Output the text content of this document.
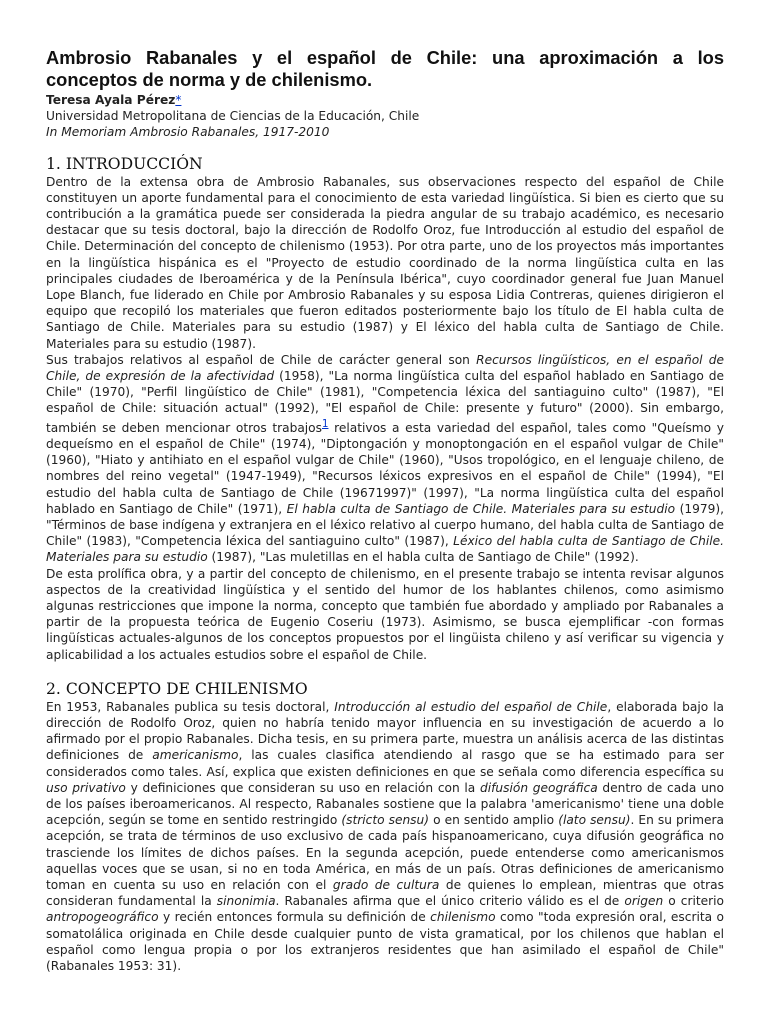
Ambrosio Rabanales y el español de Chile: una aproximación a los conceptos de norma y de chilenismo.
Teresa Ayala Pérez*
Universidad Metropolitana de Ciencias de la Educación, Chile
In Memoriam Ambrosio Rabanales, 1917-2010
1. INTRODUCCIÓN

Dentro de la extensa obra de Ambrosio Rabanales, sus observaciones respecto del español de Chile constituyen un aporte fundamental para el conocimiento de esta variedad lingüística. Si bien es cierto que su contribución a la gramática puede ser considerada la piedra angular de su trabajo académico, es necesario destacar que su tesis doctoral, bajo la dirección de Rodolfo Oroz, fue Introducción al estudio del español de Chile. Determinación del concepto de chilenismo (1953). Por otra parte, uno de los proyectos más importantes en la lingüística hispánica es el "Proyecto de estudio coordinado de la norma lingüística culta en las principales ciudades de Iberoamérica y de la Península Ibérica", cuyo coordinador general fue Juan Manuel Lope Blanch, fue liderado en Chile por Ambrosio Rabanales y su esposa Lidia Contreras, quienes dirigieron el equipo que recopiló los materiales que fueron editados posteriormente bajo los título de El habla culta de Santiago de Chile. Materiales para su estudio (1987) y El léxico del habla culta de Santiago de Chile. Materiales para su estudio (1987).

Sus trabajos relativos al español de Chile de carácter general son Recursos lingüísticos, en el español de Chile, de expresión de la afectividad (1958), "La norma lingüística culta del español hablado en Santiago de Chile" (1970), "Perfil lingüístico de Chile" (1981), "Competencia léxica del santiaguino culto" (1987), "El español de Chile: situación actual" (1992), "El español de Chile: presente y futuro" (2000). Sin embargo, también se deben mencionar otros trabajos$^1$ relativos a esta variedad del español, tales como "Queísmo y dequeísmo en el español de Chile" (1974), "Diptongación y monoptongación en el español vulgar de Chile" (1960), "Hiato y antihiato en el español vulgar de Chile" (1960), "Usos tropológico, en el lenguaje chileno, de nombres del reino vegetal" (1947-1949), "Recursos léxicos expresivos en el español de Chile" (1994), "El estudio del habla culta de Santiago de Chile (19671997)" (1997), "La norma lingüística culta del español hablado en Santiago de Chile" (1971), El habla culta de Santiago de Chile. Materiales para su estudio (1979), "Términos de base indígena y extranjera en el léxico relativo al cuerpo humano, del habla culta de Santiago de Chile" (1983), "Competencia léxica del santiaguino culto" (1987), Léxico del habla culta de Santiago de Chile. Materiales para su estudio (1987), "Las muletillas en el habla culta de Santiago de Chile" (1992).

De esta prolífica obra, y a partir del concepto de chilenismo, en el presente trabajo se intenta revisar algunos aspectos de la creatividad lingüística y el sentido del humor de los hablantes chilenos, como asimismo algunas restricciones que impone la norma, concepto que también fue abordado y ampliado por Rabanales a partir de la propuesta teórica de Eugenio Coseriu (1973). Asimismo, se busca ejemplificar -con formas lingüísticas actuales-algunos de los conceptos propuestos por el lingüista chileno y así verificar su vigencia y aplicabilidad a los actuales estudios sobre el español de Chile.

2. CONCEPTO DE CHILENISMO

En 1953, Rabanales publica su tesis doctoral, Introducción al estudio del español de Chile, elaborada bajo la dirección de Rodolfo Oroz, quien no habría tenido mayor influencia en su investigación de acuerdo a lo afirmado por el propio Rabanales. Dicha tesis, en su primera parte, muestra un análisis acerca de las distintas definiciones de americanismo, las cuales clasifica atendiendo al rasgo que se ha estimado para ser considerados como tales. Así, explica que existen definiciones en que se señala como diferencia específica su uso privativo y definiciones que consideran su uso en relación con la difusión geográfica dentro de cada uno de los países iberoamericanos. Al respecto, Rabanales sostiene que la palabra 'americanismo' tiene una doble acepción, según se tome en sentido restringido (stricto sensu) o en sentido amplio (lato sensu). En su primera acepción, se trata de términos de uso exclusivo de cada país hispanoamericano, cuya difusión geográfica no trasciende los límites de dichos países. En la segunda acepción, puede entenderse como americanismos aquellas voces que se usan, si no en toda América, en más de un país. Otras definiciones de americanismo toman en cuenta su uso en relación con el grado de cultura de quienes lo emplean, mientras que otras consideran fundamental la sinonimia. Rabanales afirma que el único criterio válido es el de origen o criterio antropogeográfico y recién entonces formula su definición de chilenismo como "toda expresión oral, escrita o somatolálica originada en Chile desde cualquier punto de vista gramatical, por los chilenos que hablan el español como lengua propia o por los extranjeros residentes que han asimilado el español de Chile" (Rabanales 1953: 31).
